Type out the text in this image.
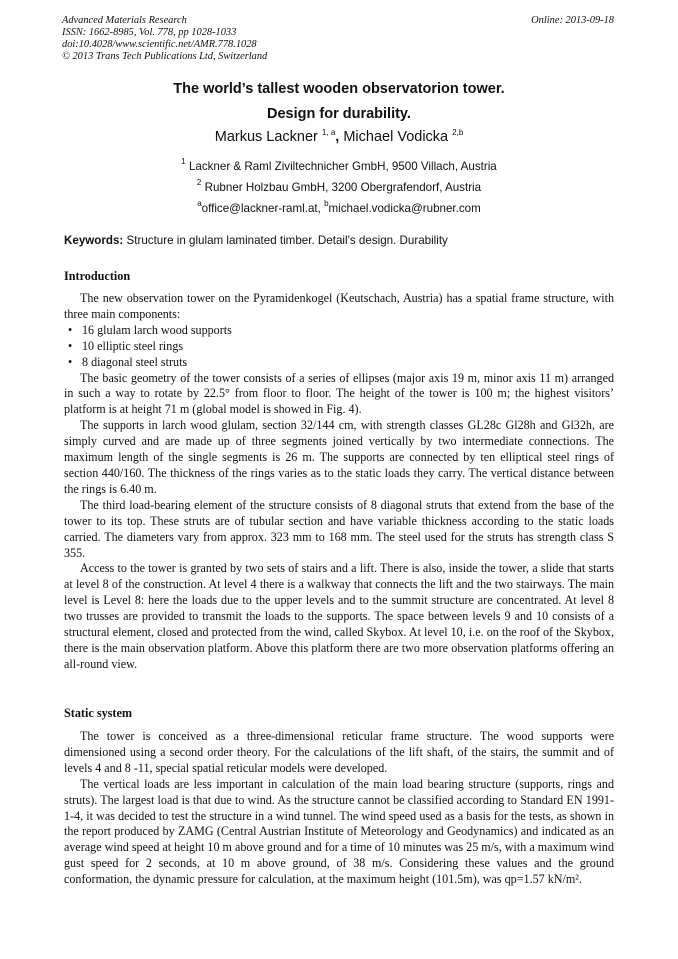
Advanced Materials Research
ISSN: 1662-8985, Vol. 778, pp 1028-1033
doi:10.4028/www.scientific.net/AMR.778.1028
© 2013 Trans Tech Publications Ltd, Switzerland
Online: 2013-09-18
The world’s tallest wooden observatorion tower.
Design for durability.
Markus Lackner $^{1, a}$, Michael Vodicka $^{2,b}$
$^1$ Lackner & Raml Ziviltechnicher GmbH, 9500 Villach, Austria
$^2$ Rubner Holzbau GmbH, 3200 Obergrafendorf, Austria
$^a$office@lackner-raml.at, $^b$michael.vodicka@rubner.com
Keywords: Structure in glulam laminated timber. Detail’s design. Durability
Introduction

The new observation tower on the Pyramidenkogel (Keutschach, Austria) has a spatial frame structure, with three main components:

• 16 glulam larch wood supports
• 10 elliptic steel rings
• 8 diagonal steel struts

The basic geometry of the tower consists of a series of ellipses (major axis 19 m, minor axis 11 m) arranged in such a way to rotate by 22.5° from floor to floor. The height of the tower is 100 m; the highest visitors’ platform is at height 71 m (global model is showed in Fig. 4).

The supports in larch wood glulam, section 32/144 cm, with strength classes GL28c Gl28h and Gl32h, are simply curved and are made up of three segments joined vertically by two intermediate connections. The maximum length of the single segments is 26 m. The supports are connected by ten elliptical steel rings of section 440/160. The thickness of the rings varies as to the static loads they carry. The vertical distance between the rings is 6.40 m.

The third load-bearing element of the structure consists of 8 diagonal struts that extend from the base of the tower to its top. These struts are of tubular section and have variable thickness according to the static loads carried. The diameters vary from approx. 323 mm to 168 mm. The steel used for the struts has strength class S 355.

Access to the tower is granted by two sets of stairs and a lift. There is also, inside the tower, a slide that starts at level 8 of the construction. At level 4 there is a walkway that connects the lift and the two stairways. The main level is Level 8: here the loads due to the upper levels and to the summit structure are concentrated. At level 8 two trusses are provided to transmit the loads to the supports. The space between levels 9 and 10 consists of a structural element, closed and protected from the wind, called Skybox. At level 10, i.e. on the roof of the Skybox, there is the main observation platform. Above this platform there are two more observation platforms offering an all-round view.

Static system

The tower is conceived as a three-dimensional reticular frame structure. The wood supports were dimensioned using a second order theory. For the calculations of the lift shaft, of the stairs, the summit and of levels 4 and 8 -11, special spatial reticular models were developed.

The vertical loads are less important in calculation of the main load bearing structure (supports, rings and struts). The largest load is that due to wind. As the structure cannot be classified according to Standard EN 1991-1-4, it was decided to test the structure in a wind tunnel. The wind speed used as a basis for the tests, as shown in the report produced by ZAMG (Central Austrian Institute of Meteorology and Geodynamics) and indicated as an average wind speed at height 10 m above ground and for a time of 10 minutes was 25 m/s, with a maximum wind gust speed for 2 seconds, at 10 m above ground, of 38 m/s. Considering these values and the ground conformation, the dynamic pressure for calculation, at the maximum height (101.5m), was qp=1.57 kN/m².
